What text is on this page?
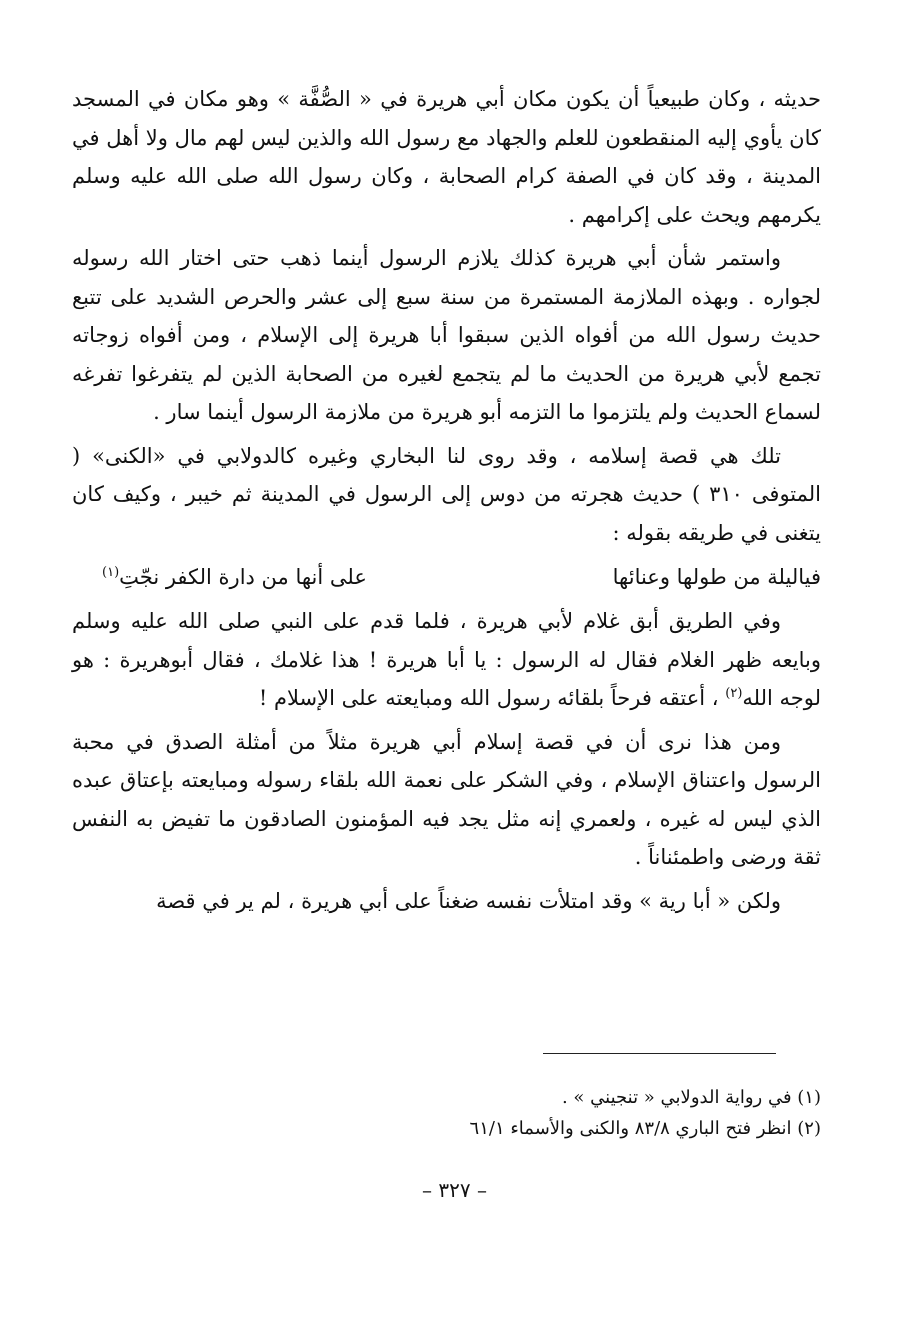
حديثه ، وكان طبيعياً أن يكون مكان أبي هريرة في « الصُّفَّة » وهو مكان في المسجد كان يأوي إليه المنقطعون للعلم والجهاد مع رسول الله والذين ليس لهم مال ولا أهل في المدينة ، وقد كان في الصفة كرام الصحابة ، وكان رسول الله صلى الله عليه وسلم يكرمهم ويحث على إكرامهم .

واستمر شأن أبي هريرة كذلك يلازم الرسول أينما ذهب حتى اختار الله رسوله لجواره . وبهذه الملازمة المستمرة من سنة سبع إلى عشر والحرص الشديد على تتبع حديث رسول الله من أفواه الذين سبقوا أبا هريرة إلى الإسلام ، ومن أفواه زوجاته تجمع لأبي هريرة من الحديث ما لم يتجمع لغيره من الصحابة الذين لم يتفرغوا تفرغه لسماع الحديث ولم يلتزموا ما التزمه أبو هريرة من ملازمة الرسول أينما سار .

تلك هي قصة إسلامه ، وقد روى لنا البخاري وغيره كالدولابي في «الكنى» ( المتوفى ٣١٠ ) حديث هجرته من دوس إلى الرسول في المدينة ثم خيبر ، وكيف كان يتغنى في طريقه بقوله :

فياليلة من طولها وعنائها
على أنها من دارة الكفر نجّتِ$^{(١)}$

وفي الطريق أبق غلام لأبي هريرة ، فلما قدم على النبي صلى الله عليه وسلم وبايعه ظهر الغلام فقال له الرسول : يا أبا هريرة ! هذا غلامك ، فقال أبوهريرة : هو لوجه الله$^{(٢)}$ ، أعتقه فرحاً بلقائه رسول الله ومبايعته على الإسلام !

ومن هذا نرى أن في قصة إسلام أبي هريرة مثلاً من أمثلة الصدق في محبة الرسول واعتناق الإسلام ، وفي الشكر على نعمة الله بلقاء رسوله ومبايعته بإعتاق عبده الذي ليس له غيره ، ولعمري إنه مثل يجد فيه المؤمنون الصادقون ما تفيض به النفس ثقة ورضى واطمئناناً .

ولكن « أبا رية » وقد امتلأت نفسه ضغناً على أبي هريرة ، لم ير في قصة

(١) في رواية الدولابي « تنجيني » .
(٢) انظر فتح الباري ٨٣/٨ والكنى والأسماء ٦١/١
– ٣٢٧ –
